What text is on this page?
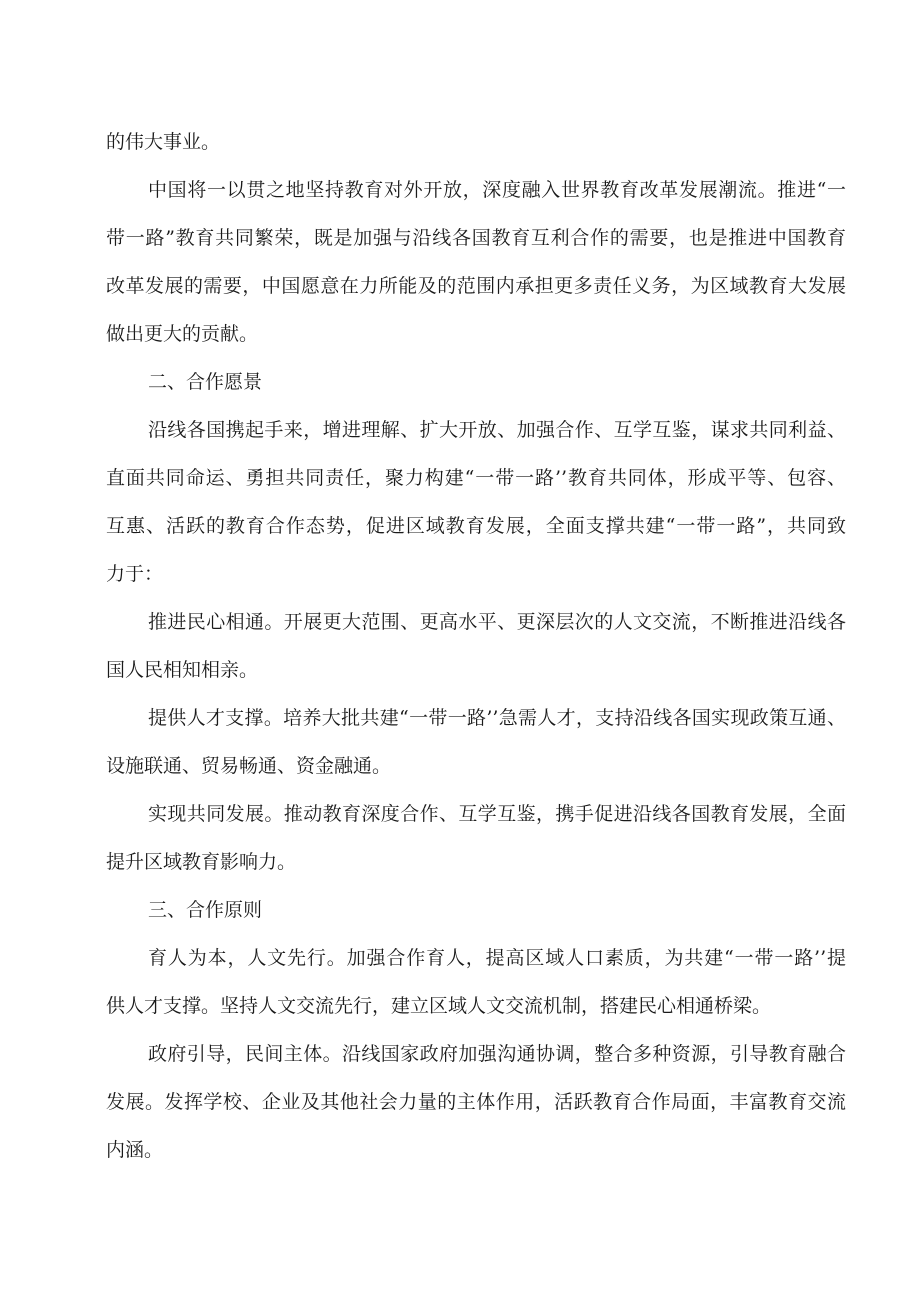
的伟大事业。
中国将一以贯之地坚持教育对外开放，深度融入世界教育改革发展潮流。推进“一
带一路”教育共同繁荣，既是加强与沿线各国教育互利合作的需要，也是推进中国教育
改革发展的需要，中国愿意在力所能及的范围内承担更多责任义务，为区域教育大发展
做出更大的贡献。
二、合作愿景
沿线各国携起手来，增进理解、扩大开放、加强合作、互学互鉴，谋求共同利益、
直面共同命运、勇担共同责任，聚力构建“一带一路’’教育共同体，形成平等、包容、
互惠、活跃的教育合作态势，促进区域教育发展，全面支撑共建“一带一路”，共同致
力于：
推进民心相通。开展更大范围、更高水平、更深层次的人文交流，不断推进沿线各
国人民相知相亲。
提供人才支撑。培养大批共建“一带一路’’急需人才，支持沿线各国实现政策互通、
设施联通、贸易畅通、资金融通。
实现共同发展。推动教育深度合作、互学互鉴，携手促进沿线各国教育发展，全面
提升区域教育影响力。
三、合作原则
育人为本，人文先行。加强合作育人，提高区域人口素质，为共建“一带一路’’提
供人才支撑。坚持人文交流先行，建立区域人文交流机制，搭建民心相通桥梁。
政府引导，民间主体。沿线国家政府加强沟通协调，整合多种资源，引导教育融合
发展。发挥学校、企业及其他社会力量的主体作用，活跃教育合作局面，丰富教育交流
内涵。
